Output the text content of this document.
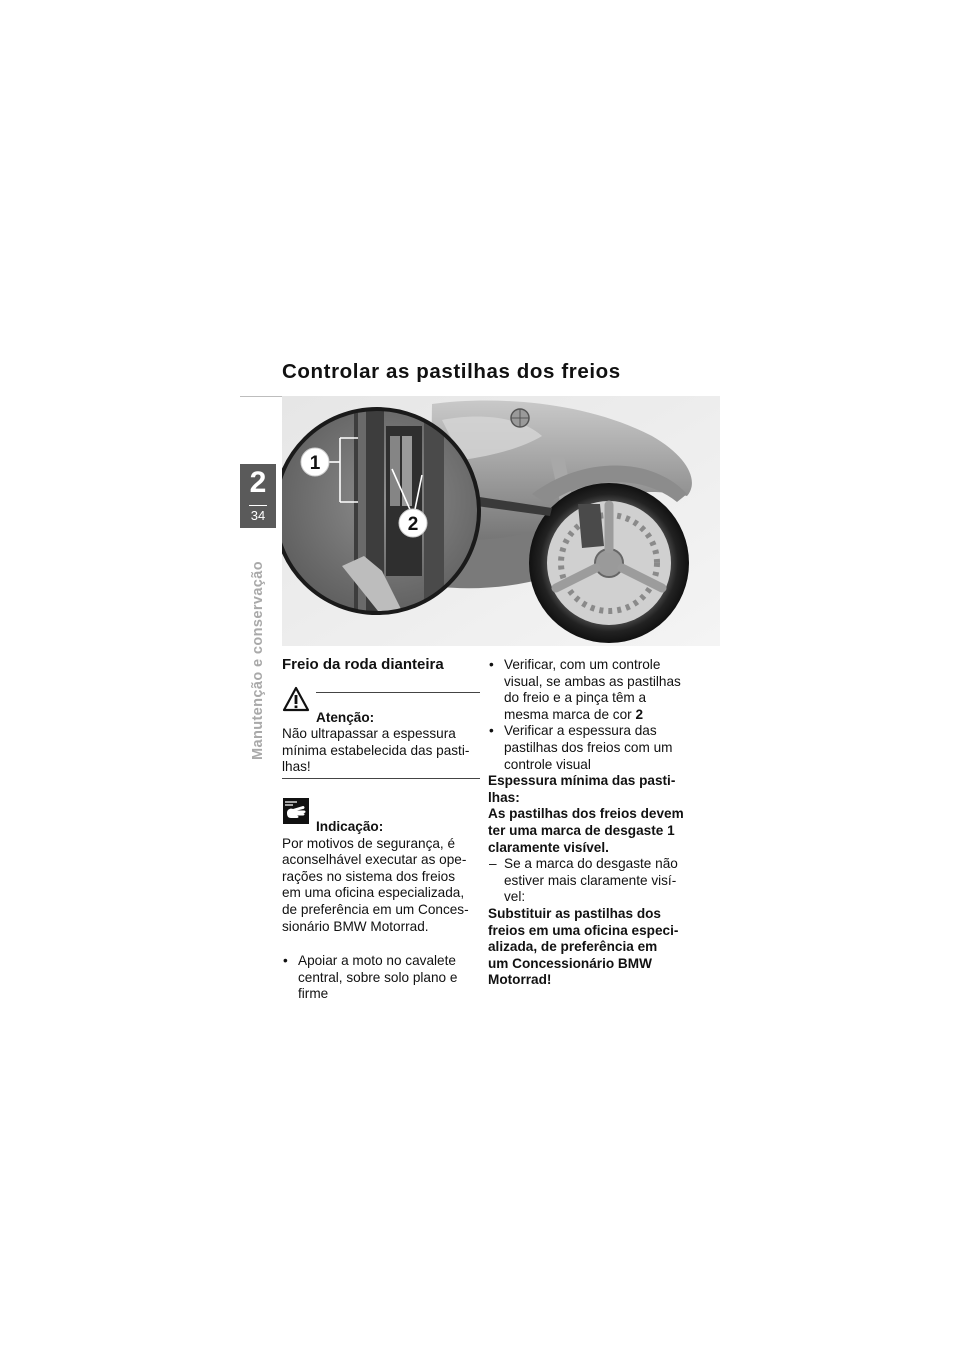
Controlar as pastilhas dos freios
2
34
Manutenção e conservação
1
2

Freio da roda dianteira

Atenção:

Não ultrapassar a espessura

mínima estabelecida das pasti-

lhas!

Indicação:

Por motivos de segurança, é

aconselhável executar as ope-

rações no sistema dos freios

em uma oficina especializada,

de preferência em um Conces-

sionário BMW Motorrad.

• Apoiar a moto no cavalete

central, sobre solo plano e

firme

• Verificar, com um controle

visual, se ambas as pastilhas

do freio e a pinça têm a

mesma marca de cor 2

• Verificar a espessura das

pastilhas dos freios com um

controle visual

Espessura mínima das pasti-

lhas:

As pastilhas dos freios devem

ter uma marca de desgaste 1

claramente visível.

– Se a marca do desgaste não

estiver mais claramente visí-

vel:

Substituir as pastilhas dos

freios em uma oficina especi-

alizada, de preferência em

um Concessionário BMW

Motorrad!
